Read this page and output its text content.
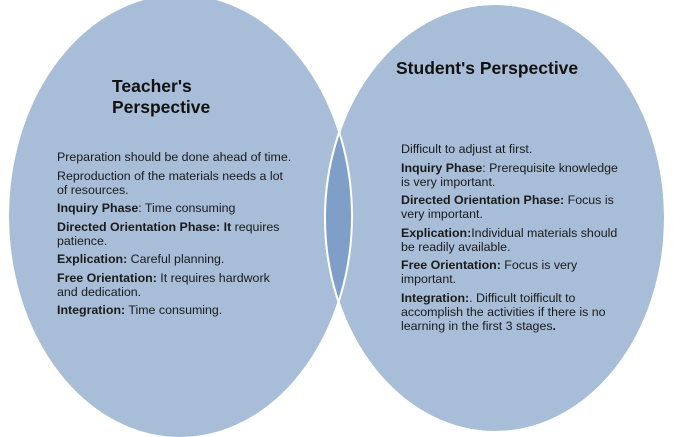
Teacher's
Perspective
Student's Perspective
Preparation should be done ahead of time.
Reproduction of the materials needs a lot of resources.
Inquiry Phase: Time consuming
Directed Orientation Phase: It requires patience.
Explication: Careful planning.
Free Orientation: It requires hardwork and dedication.
Integration: Time consuming.
Difficult to adjust at first.
Inquiry Phase: Prerequisite knowledge is very important.
Directed Orientation Phase: Focus is very important.
Explication:Individual materials should be readily available.
Free Orientation: Focus is very important.
Integration:. Difficult toifficult to accomplish the activities if there is no learning in the first 3 stages.
